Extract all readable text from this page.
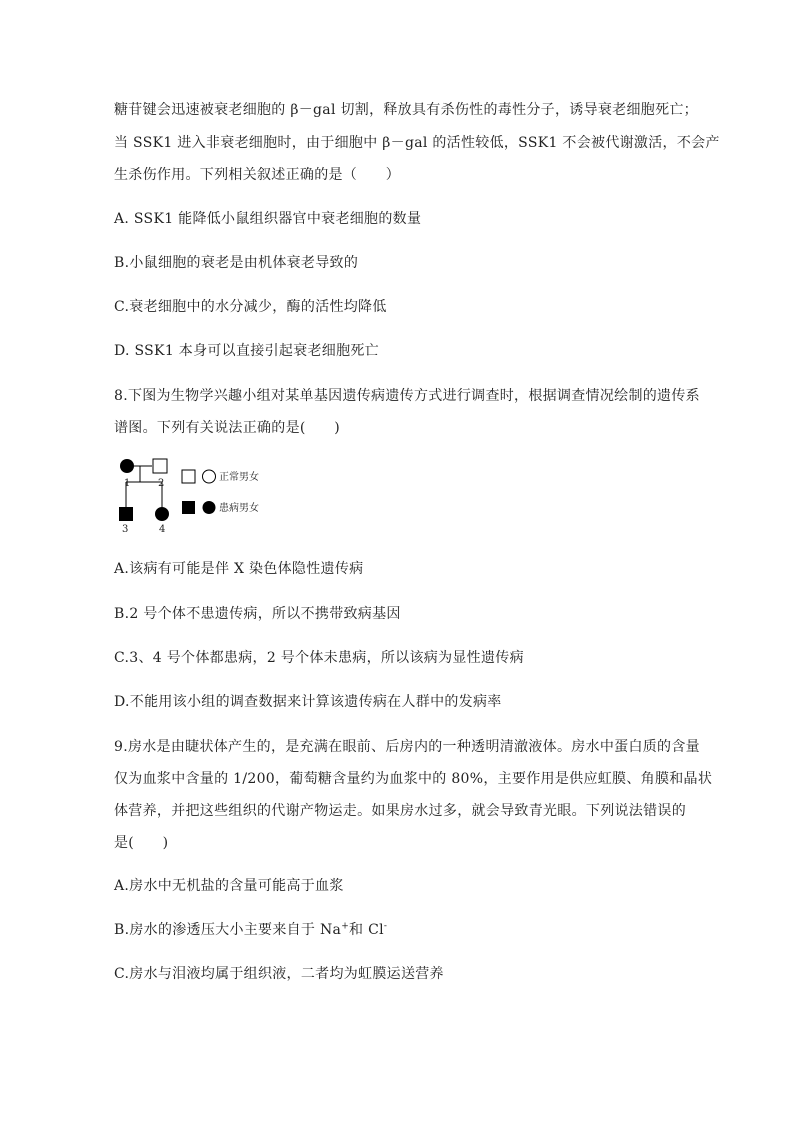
糖苷键会迅速被衰老细胞的 β－gal 切割，释放具有杀伤性的毒性分子，诱导衰老细胞死亡；
当 SSK1 进入非衰老细胞时，由于细胞中 β－gal 的活性较低，SSK1 不会被代谢激活，不会产
生杀伤作用。下列相关叙述正确的是（　　）
A. SSK1 能降低小鼠组织器官中衰老细胞的数量
B.小鼠细胞的衰老是由机体衰老导致的
C.衰老细胞中的水分减少，酶的活性均降低
D. SSK1 本身可以直接引起衰老细胞死亡
8.下图为生物学兴趣小组对某单基因遗传病遗传方式进行调查时，根据调查情况绘制的遗传系
谱图。下列有关说法正确的是(　　)
1	2
3	4
正常男女
患病男女
A.该病有可能是伴 X 染色体隐性遗传病
B.2 号个体不患遗传病，所以不携带致病基因
C.3、4 号个体都患病，2 号个体未患病，所以该病为显性遗传病
D.不能用该小组的调查数据来计算该遗传病在人群中的发病率
9.房水是由睫状体产生的，是充满在眼前、后房内的一种透明清澈液体。房水中蛋白质的含量
仅为血浆中含量的 1/200，葡萄糖含量约为血浆中的 80%，主要作用是供应虹膜、角膜和晶状
体营养，并把这些组织的代谢产物运走。如果房水过多，就会导致青光眼。下列说法错误的
是(　　)
A.房水中无机盐的含量可能高于血浆
B.房水的渗透压大小主要来自于 Na+和 Cl-
C.房水与泪液均属于组织液，二者均为虹膜运送营养
